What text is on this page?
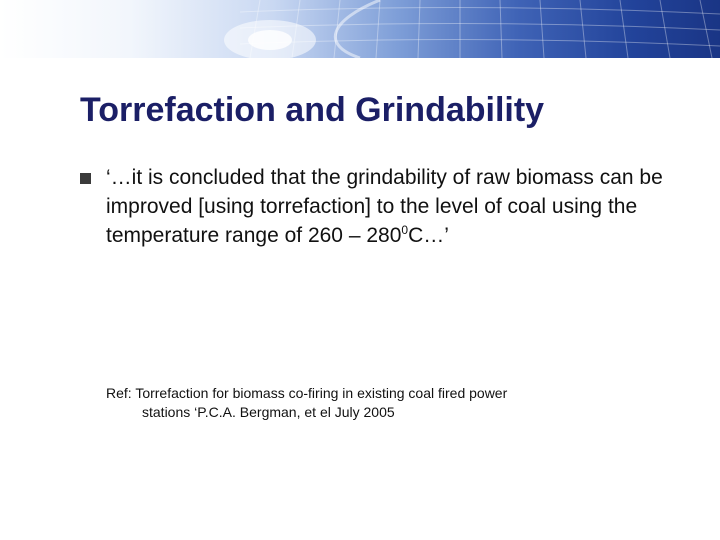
Torrefaction and Grindability

‘…it is concluded that the grindability of raw biomass can be improved [using torrefaction] to the level of coal using the temperature range of $260 - 280^0C\dots$’

Ref: Torrefaction for biomass co-firing in existing coal fired power
stations ‘P.C.A. Bergman, et el July 2005
